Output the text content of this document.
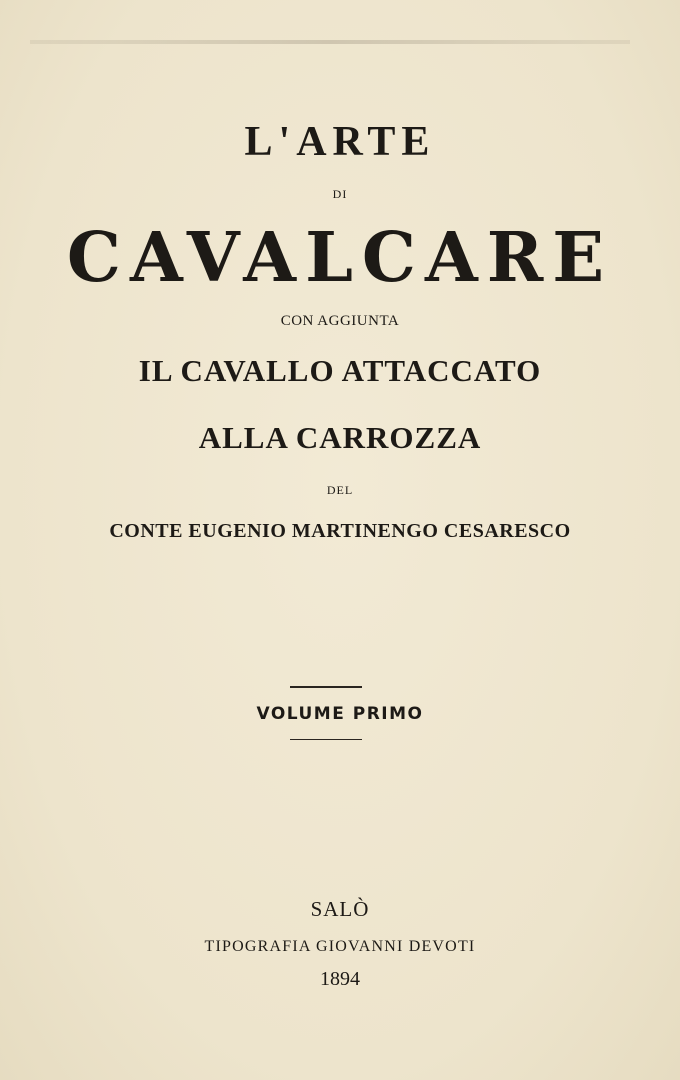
L'ARTE
DI
CAVALCARE
CON AGGIUNTA
IL CAVALLO ATTACCATO
ALLA CARROZZA
DEL
CONTE EUGENIO MARTINENGO CESARESCO
VOLUME PRIMO
SALÒ
TIPOGRAFIA GIOVANNI DEVOTI
1894
